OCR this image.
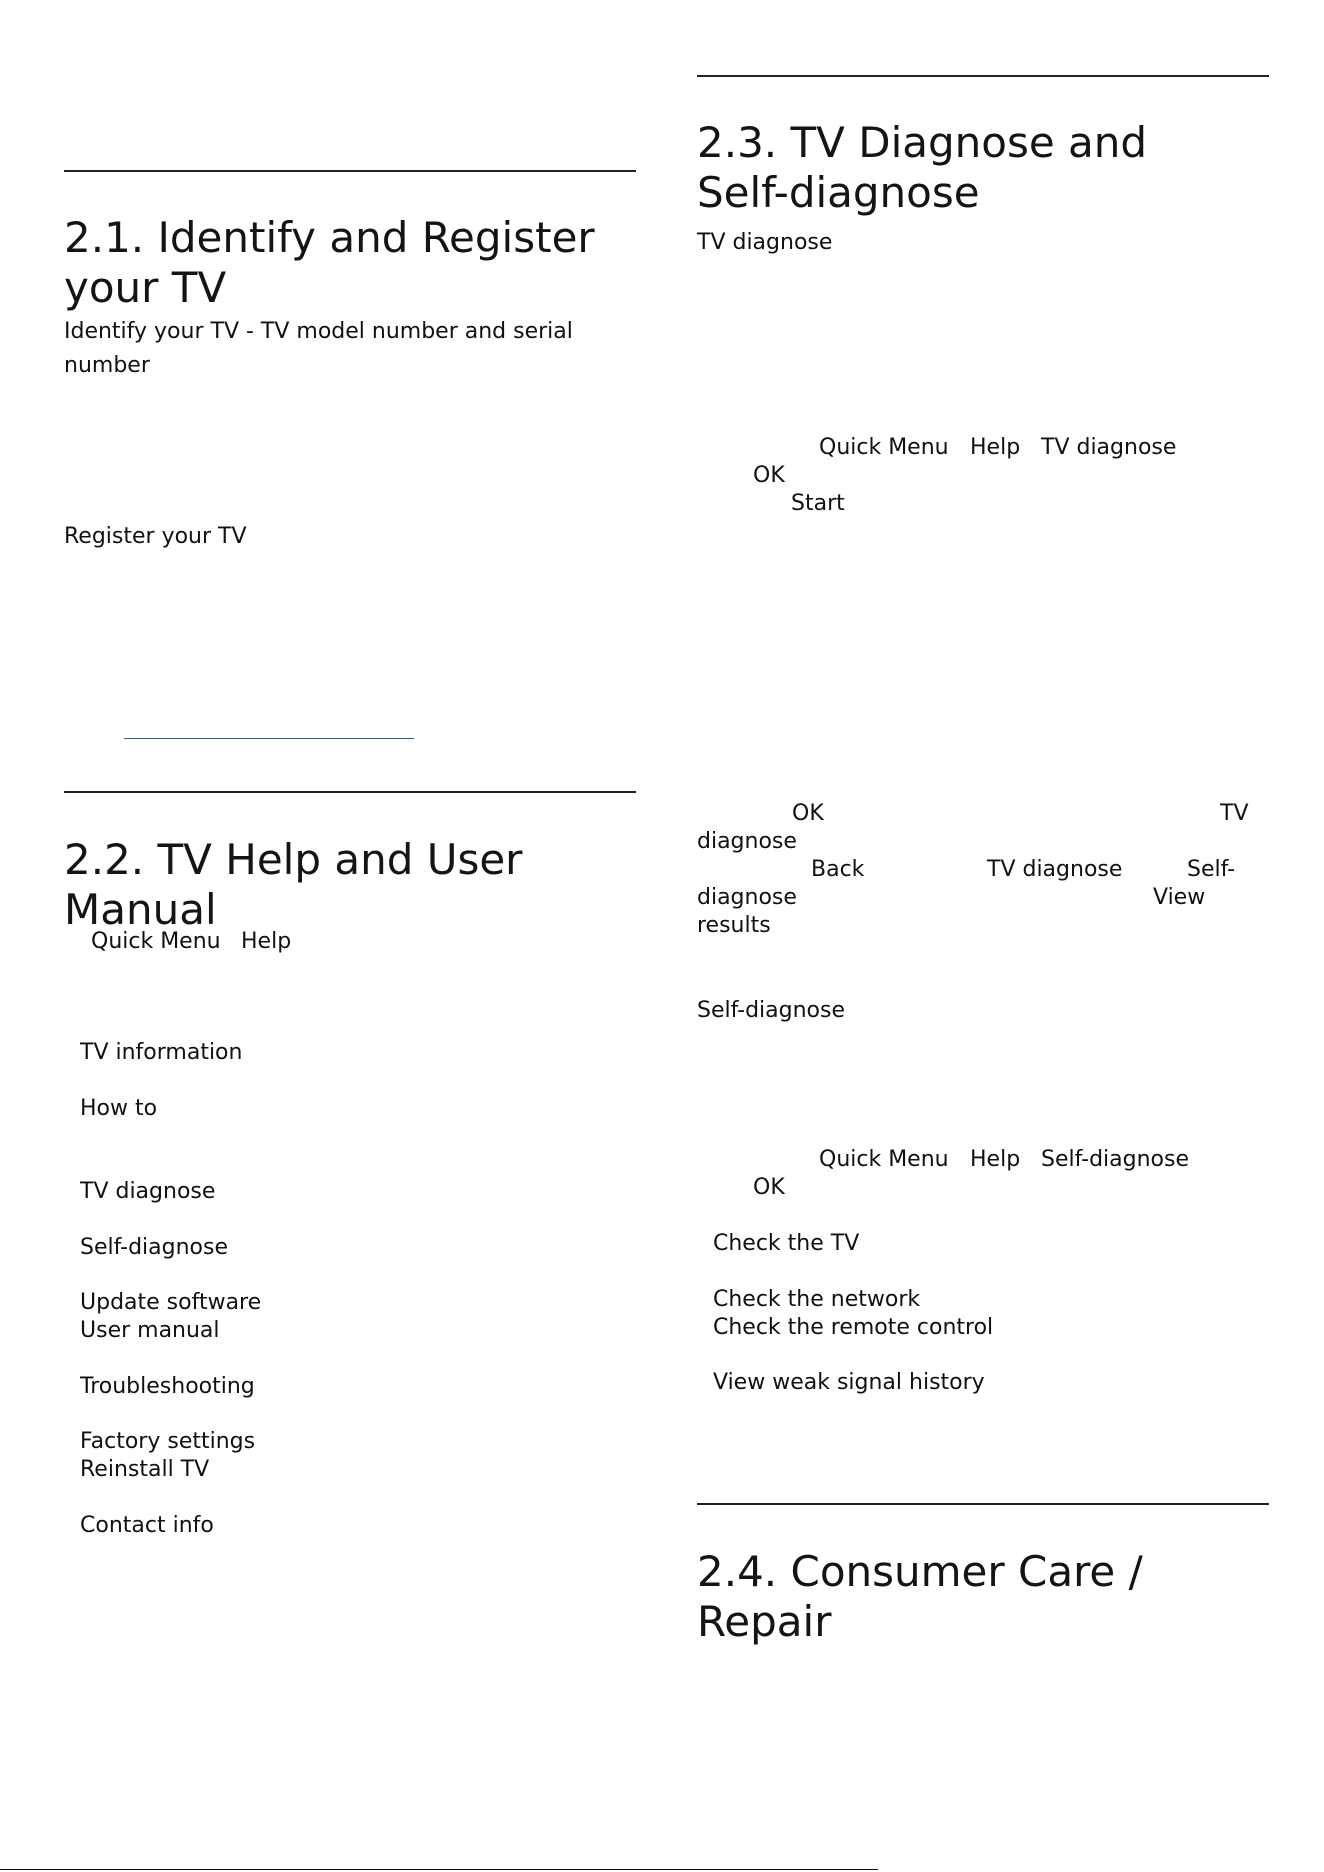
2.1. Identify and Register your TV
Identify your TV - TV model number and serial number
Register your TV
2.2. TV Help and User Manual
Quick Menu Help
TV information
How to
TV diagnose
Self-diagnose
Update software
User manual
Troubleshooting
Factory settings
Reinstall TV
Contact info
2.3. TV Diagnose and Self-diagnose
TV diagnose
Quick Menu Help TV diagnose
OK
Start
OK	TV
diagnose
Back	TV diagnose	Self-
diagnose	View
results
Self-diagnose
Quick Menu Help Self-diagnose
OK
Check the TV
Check the network
Check the remote control
View weak signal history
2.4. Consumer Care / Repair
